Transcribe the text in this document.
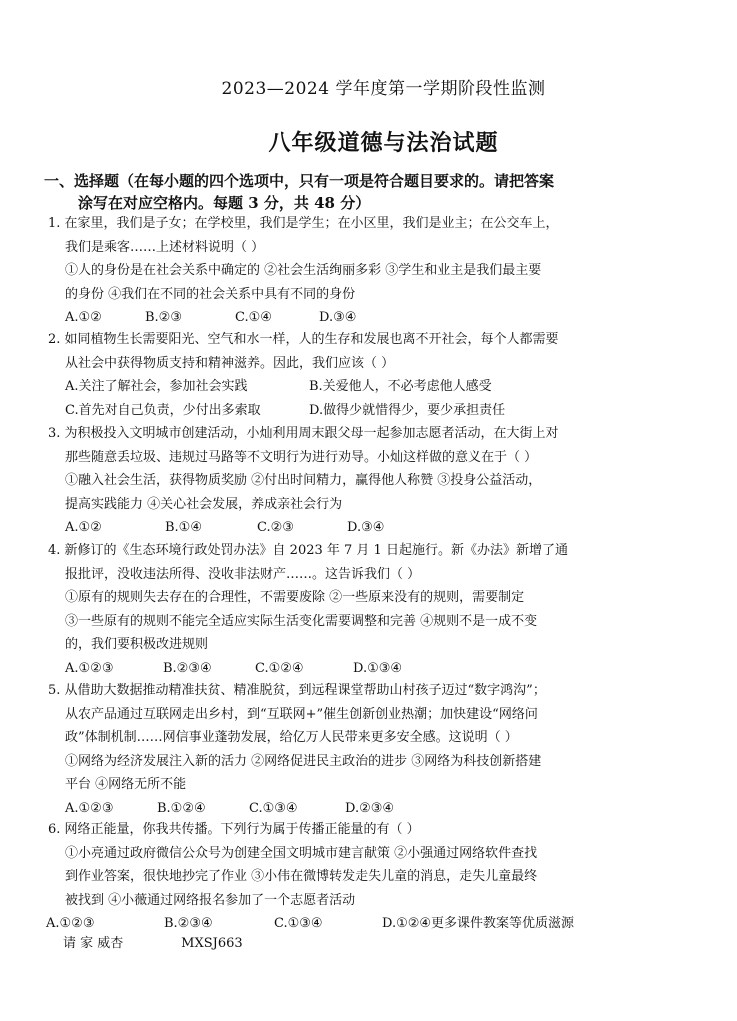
2023—2024 学年度第一学期阶段性监测
八年级道德与法治试题
一、选择题（在每小题的四个选项中，只有一项是符合题目要求的。请把答案
涂写在对应空格内。每题 3 分，共 48 分）
1. 在家里，我们是子女；在学校里，我们是学生；在小区里，我们是业主；在公交车上，
我们是乘客……上述材料说明（ ）
①人的身份是在社会关系中确定的 ②社会生活绚丽多彩 ③学生和业主是我们最主要
的身份 ④我们在不同的社会关系中具有不同的身份
A.①②	B.②③	C.①④	D.③④
2. 如同植物生长需要阳光、空气和水一样，人的生存和发展也离不开社会，每个人都需要
从社会中获得物质支持和精神滋养。因此，我们应该（ ）
A.关注了解社会，参加社会实践	B.关爱他人，不必考虑他人感受
C.首先对自己负责，少付出多索取	D.做得少就惜得少，要少承担责任
3. 为积极投入文明城市创建活动，小灿利用周末跟父母一起参加志愿者活动，在大街上对
那些随意丢垃圾、违规过马路等不文明行为进行劝导。小灿这样做的意义在于（ ）
①融入社会生活，获得物质奖励 ②付出时间精力，赢得他人称赞 ③投身公益活动，
提高实践能力 ④关心社会发展，养成亲社会行为
A.①②	B.①④	C.②③	D.③④
4. 新修订的《生态环境行政处罚办法》自 2023 年 7 月 1 日起施行。新《办法》新增了通
报批评，没收违法所得、没收非法财产……。这告诉我们（ ）
①原有的规则失去存在的合理性，不需要废除 ②一些原来没有的规则，需要制定
③一些原有的规则不能完全适应实际生活变化需要调整和完善 ④规则不是一成不变
的，我们要积极改进规则
A.①②③	B.②③④	C.①②④	D.①③④
5. 从借助大数据推动精准扶贫、精准脱贫，到远程课堂帮助山村孩子迈过“数字鸿沟”；
从农产品通过互联网走出乡村，到“互联网+”催生创新创业热潮；加快建设“网络问
政”体制机制……网信事业蓬勃发展，给亿万人民带来更多安全感。这说明（ ）
①网络为经济发展注入新的活力 ②网络促进民主政治的进步 ③网络为科技创新搭建
平台 ④网络无所不能
A.①②③	B.①②④	C.①③④	D.②③④
6. 网络正能量，你我共传播。下列行为属于传播正能量的有（ ）
①小亮通过政府微信公众号为创建全国文明城市建言献策 ②小强通过网络软件查找
到作业答案，很快地抄完了作业 ③小伟在微博转发走失儿童的消息，走失儿童最终
被找到 ④小薇通过网络报名参加了一个志愿者活动
A.①②③	B.②③④	C.①③④	D.①②④更多课件教案等优质滋源
请 家 威杏	MXSJ663
